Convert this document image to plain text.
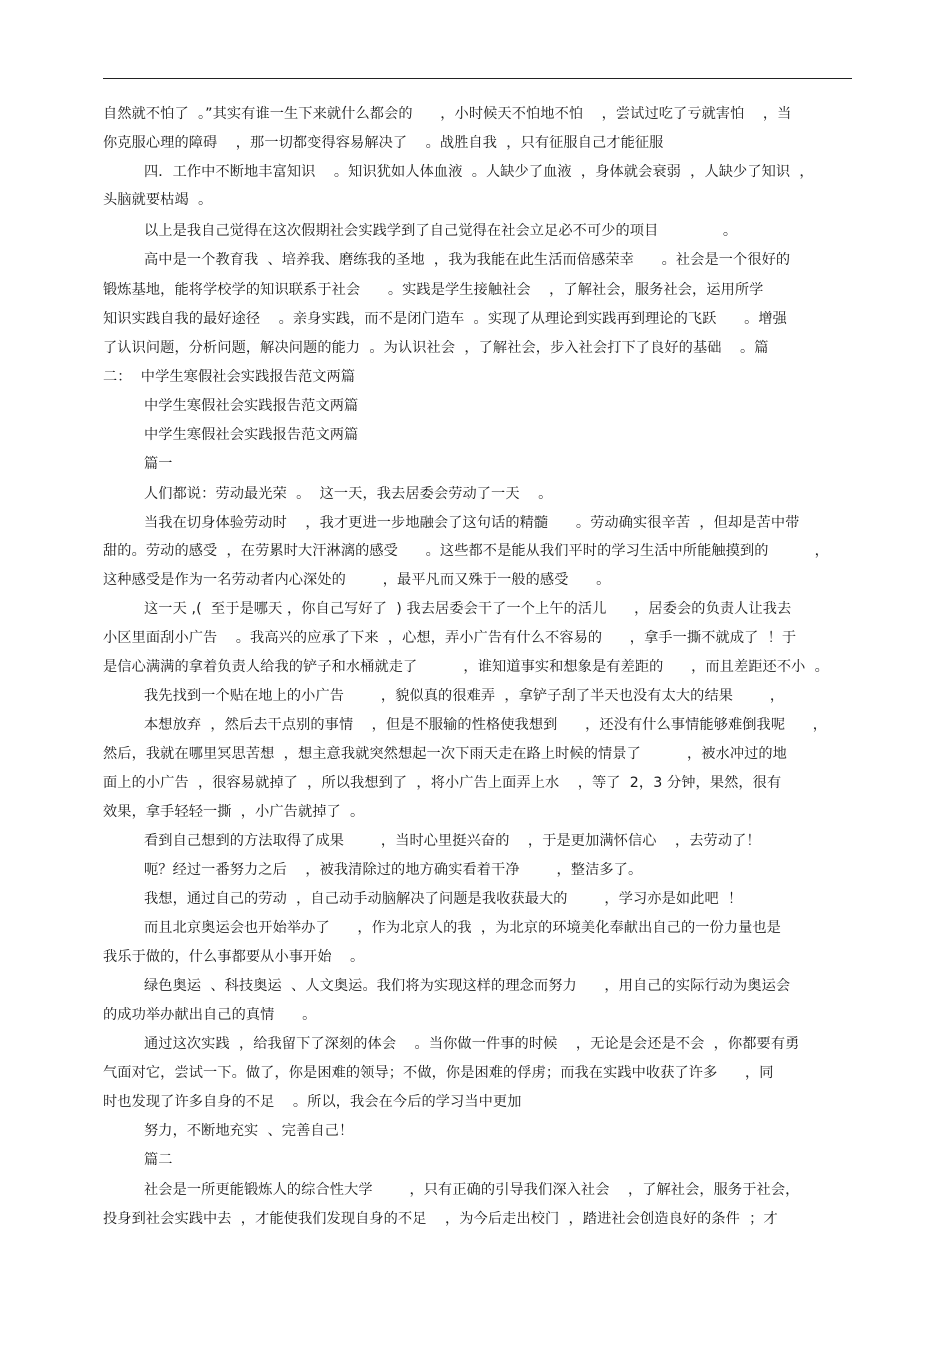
自然就不怕了  。”其实有谁一生下来就什么都会的      ，小时候天不怕地不怕    ，尝试过吃了亏就害怕    ，当
你克服心理的障碍    ，那一切都变得容易解决了    。战胜自我  ，只有征服自己才能征服
四．工作中不断地丰富知识    。知识犹如人体血液  。人缺少了血液  ，身体就会衰弱  ，人缺少了知识  ，
头脑就要枯竭  。
以上是我自己觉得在这次假期社会实践学到了自己觉得在社会立足必不可少的项目              。
高中是一个教育我  、培养我、磨练我的圣地  ，我为我能在此生活而倍感荣幸      。社会是一个很好的
锻炼基地，能将学校学的知识联系于社会      。实践是学生接触社会    ，了解社会，服务社会，运用所学
知识实践自我的最好途径    。亲身实践，而不是闭门造车  。实现了从理论到实践再到理论的飞跃      。增强
了认识问题，分析问题，解决问题的能力  。为认识社会  ，了解社会，步入社会打下了良好的基础    。篇
二：  中学生寒假社会实践报告范文两篇
中学生寒假社会实践报告范文两篇
中学生寒假社会实践报告范文两篇
篇一
人们都说：劳动最光荣  。  这一天，我去居委会劳动了一天    。
当我在切身体验劳动时    ，我才更进一步地融会了这句话的精髓      。劳动确实很辛苦  ，但却是苦中带
甜的。劳动的感受  ，在劳累时大汗淋漓的感受      。这些都不是能从我们平时的学习生活中所能触摸到的          ，
这种感受是作为一名劳动者内心深处的        ，最平凡而又殊于一般的感受      。
这一天 ,(  至于是哪天 ，你自己写好了  ) 我去居委会干了一个上午的活儿      ，居委会的负责人让我去
小区里面刮小广告    。我高兴的应承了下来  ，心想，弄小广告有什么不容易的      ，拿手一撕不就成了  ！于
是信心满满的拿着负责人给我的铲子和水桶就走了          ，谁知道事实和想象是有差距的      ，而且差距还不小  。
我先找到一个贴在地上的小广告        ，貌似真的很难弄  ，拿铲子刮了半天也没有太大的结果        ，
本想放弃  ，然后去干点别的事情    ，但是不服输的性格使我想到      ，还没有什么事情能够难倒我呢      ，
然后，我就在哪里冥思苦想  ，想主意我就突然想起一次下雨天走在路上时候的情景了          ，被水冲过的地
面上的小广告  ，很容易就掉了  ，所以我想到了  ，将小广告上面弄上水    ，等了  2，3 分钟，果然，很有
效果，拿手轻轻一撕  ，小广告就掉了  。
看到自己想到的方法取得了成果        ，当时心里挺兴奋的    ，于是更加满怀信心    ，去劳动了！
呃？经过一番努力之后    ，被我清除过的地方确实看着干净        ，整洁多了。
我想，通过自己的劳动  ，自己动手动脑解决了问题是我收获最大的        ，学习亦是如此吧  ！
而且北京奥运会也开始举办了      ，作为北京人的我  ，为北京的环境美化奉献出自己的一份力量也是
我乐于做的，什么事都要从小事开始    。
绿色奥运  、科技奥运  、人文奥运。我们将为实现这样的理念而努力      ，用自己的实际行动为奥运会
的成功举办献出自己的真情      。
通过这次实践  ，给我留下了深刻的体会    。当你做一件事的时候    ，无论是会还是不会  ，你都要有勇
气面对它，尝试一下。做了，你是困难的领导；不做，你是困难的俘虏；而我在实践中收获了许多      ，同
时也发现了许多自身的不足    。所以，我会在今后的学习当中更加
努力，不断地充实  、完善自己！
篇二
社会是一所更能锻炼人的综合性大学        ，只有正确的引导我们深入社会    ，了解社会，服务于社会，
投身到社会实践中去  ，才能使我们发现自身的不足    ，为今后走出校门  ，踏进社会创造良好的条件  ；才
